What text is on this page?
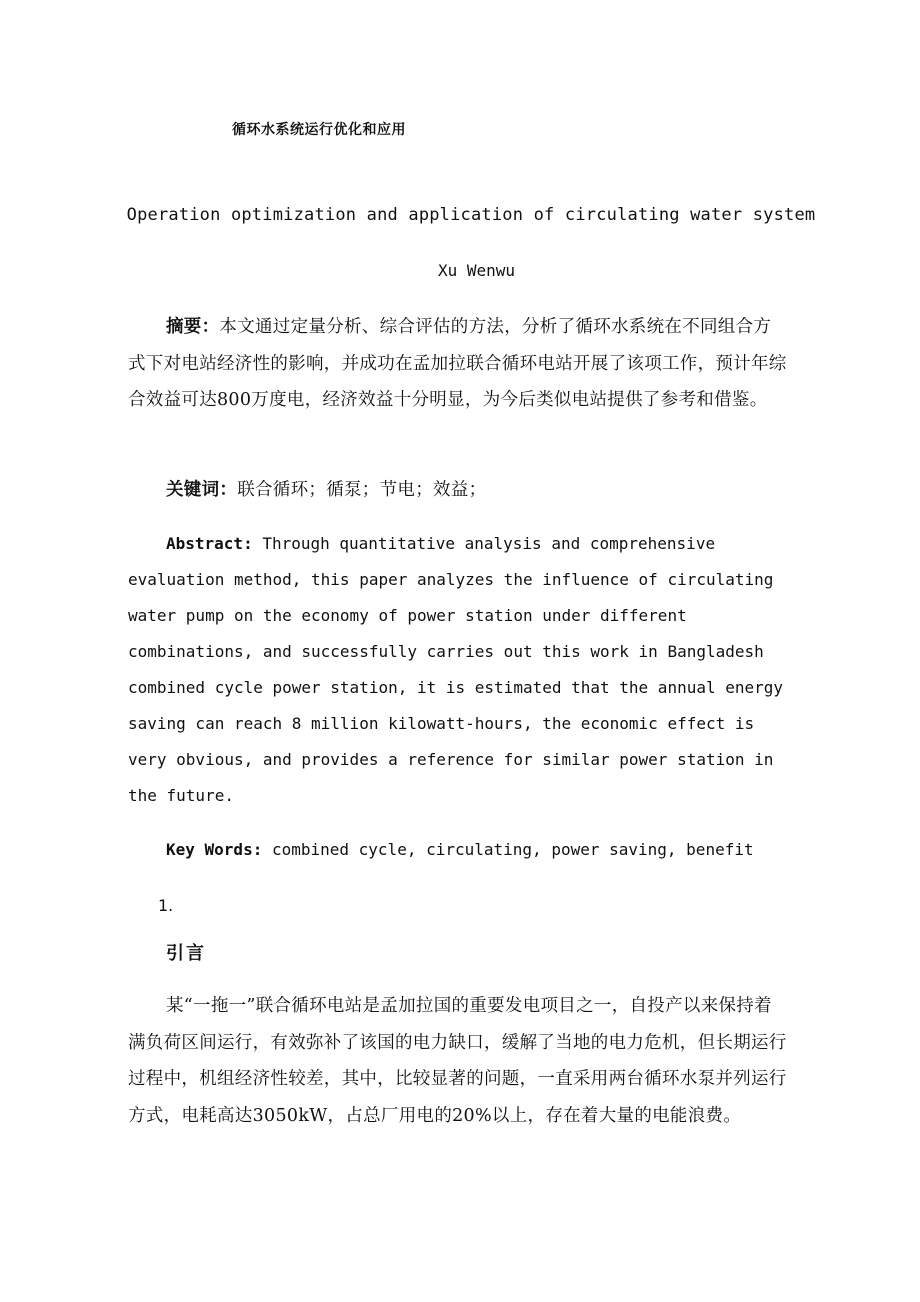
循环水系统运行优化和应用
Operation optimization and application of circulating water system
Xu Wenwu

摘要：本文通过定量分析、综合评估的方法，分析了循环水系统在不同组合方式下对电站经济性的影响，并成功在孟加拉联合循环电站开展了该项工作，预计年综合效益可达800万度电，经济效益十分明显，为今后类似电站提供了参考和借鉴。

关键词：联合循环；循泵；节电；效益；

Abstract: Through quantitative analysis and comprehensive evaluation method, this paper analyzes the influence of circulating water pump on the economy of power station under different combinations, and successfully carries out this work in Bangladesh combined cycle power station, it is estimated that the annual energy saving can reach 8 million kilowatt-hours, the economic effect is very obvious, and provides a reference for similar power station in the future.

Key Words: combined cycle, circulating, power saving, benefit

1.
引言

某“一拖一”联合循环电站是孟加拉国的重要发电项目之一，自投产以来保持着满负荷区间运行，有效弥补了该国的电力缺口，缓解了当地的电力危机，但长期运行过程中，机组经济性较差，其中，比较显著的问题，一直采用两台循环水泵并列运行方式，电耗高达3050kW，占总厂用电的20%以上，存在着大量的电能浪费。
